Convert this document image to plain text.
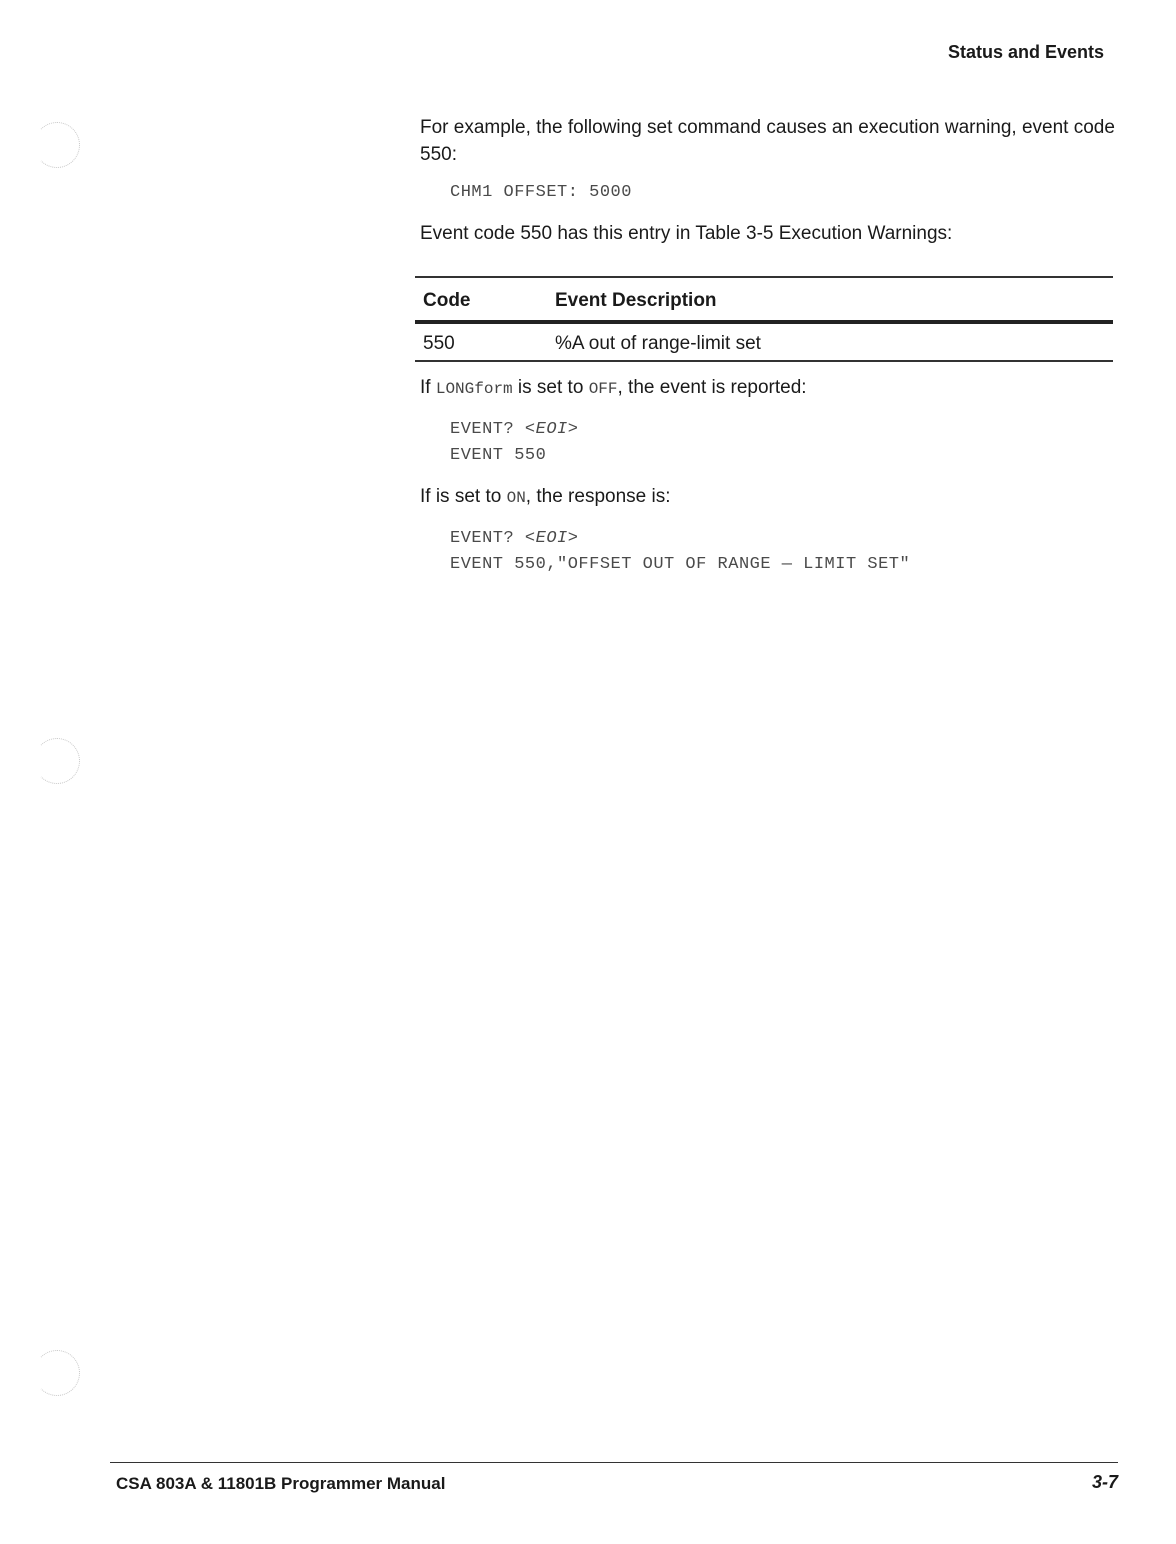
Status and Events

For example, the following set command causes an execution warning, event code 550:

CHM1 OFFSET: 5000

Event code 550 has this entry in Table 3-5 Execution Warnings:

Code	Event Description
550	%A out of range-limit set

If LONGform is set to OFF, the event is reported:

EVENT? <EOI>

EVENT 550

If is set to ON, the response is:

EVENT? <EOI>

EVENT 550,"OFFSET OUT OF RANGE — LIMIT SET"

CSA 803A & 11801B Programmer Manual	3-7
